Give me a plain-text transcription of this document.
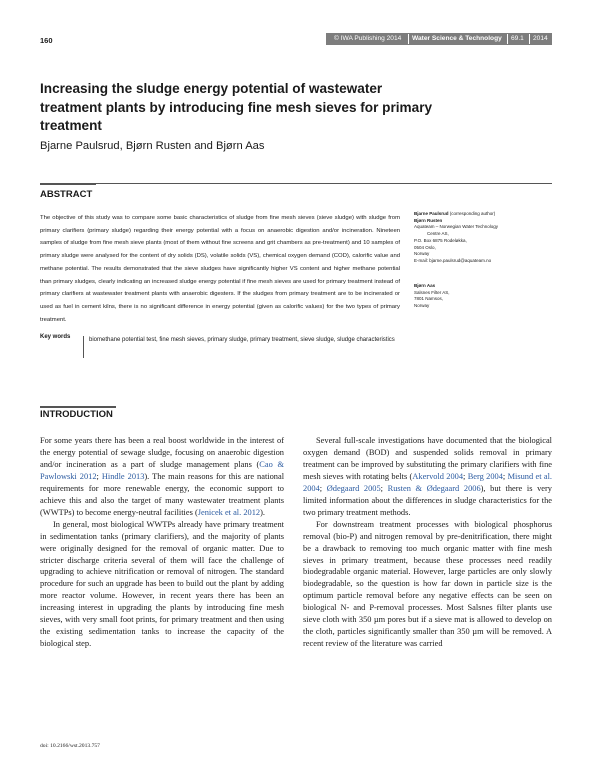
160	© IWA Publishing 2014 Water Science & Technology 69.1 2014
Increasing the sludge energy potential of wastewater treatment plants by introducing fine mesh sieves for primary treatment
Bjarne Paulsrud, Bjørn Rusten and Bjørn Aas
ABSTRACT

The objective of this study was to compare some basic characteristics of sludge from fine mesh sieves (sieve sludge) with sludge from primary clarifiers (primary sludge) regarding their energy potential with a focus on anaerobic digestion and/or incineration. Nineteen samples of sludge from fine mesh sieve plants (most of them without fine screens and grit chambers as pre-treatment) and 10 samples of primary sludge were analysed for the content of dry solids (DS), volatile solids (VS), chemical oxygen demand (COD), calorific value and methane potential. The results demonstrated that the sieve sludges have significantly higher VS content and higher methane potential than primary sludges, clearly indicating an increased sludge energy potential if fine mesh sieves are used for primary treatment instead of primary clarifiers at wastewater treatment plants with anaerobic digesters. If the sludges from primary treatment are to be incinerated or used as fuel in cement kilns, there is no significant difference in energy potential (given as calorific values) for the two types of primary treatment.

Key words	biomethane potential test, fine mesh sieves, primary sludge, primary treatment, sieve sludge, sludge characteristics

Bjarne Paulsrud (corresponding author)
Bjørn Rusten
Aquateam – Norwegian Water Technology
Centre AS,
P.O. Box 6875 Rodeløkka,
0504 Oslo,
Norway
E-mail: bjarne.paulsrud@aquateam.no
Bjørn Aas
Salsnes Filter AS,
7801 Namsos,
Norway
INTRODUCTION

For some years there has been a real boost worldwide in the interest of the energy potential of sewage sludge, focusing on anaerobic digestion and/or incineration as a part of sludge management plans (Cao & Pawlowski 2012; Hindle 2013). The main reasons for this are national requirements for more renewable energy, the economic support to achieve this and also the target of many wastewater treatment plants (WWTPs) to become energy-neutral facilities (Jenicek et al. 2012).

In general, most biological WWTPs already have primary treatment in sedimentation tanks (primary clarifiers), and the majority of plants were originally designed for the removal of organic matter. Due to stricter discharge criteria several of them will face the challenge of upgrading to achieve nitrification or removal of nitrogen. The standard procedure for such an upgrade has been to build out the plant by adding more reactor volume. However, in recent years there has been an increasing interest in upgrading the plants by introducing fine mesh sieves, with very small foot prints, for primary treatment and then using the existing sedimentation tanks to increase the capacity of the biological step.

Several full-scale investigations have documented that the biological oxygen demand (BOD) and suspended solids removal in primary treatment can be improved by substituting the primary clarifiers with fine mesh sieves with rotating belts (Akervold 2004; Berg 2004; Misund et al. 2004; Ødegaard 2005; Rusten & Ødegaard 2006), but there is very limited information about the differences in sludge characteristics for the two primary treatment methods.

For downstream treatment processes with biological phosphorus removal (bio-P) and nitrogen removal by pre-denitrification, there might be a drawback to removing too much organic matter with fine mesh sieves in primary treatment, because these processes need readily biodegradable organic material. However, large particles are only slowly biodegradable, so the question is how far down in particle size is the optimum particle removal before any negative effects can be seen on biological N- and P-removal processes. Most Salsnes filter plants use sieve cloth with 350 µm pores but if a sieve mat is allowed to develop on the cloth, particles significantly smaller than 350 µm will be removed. A recent review of the literature was carried

doi: 10.2166/wst.2013.757
